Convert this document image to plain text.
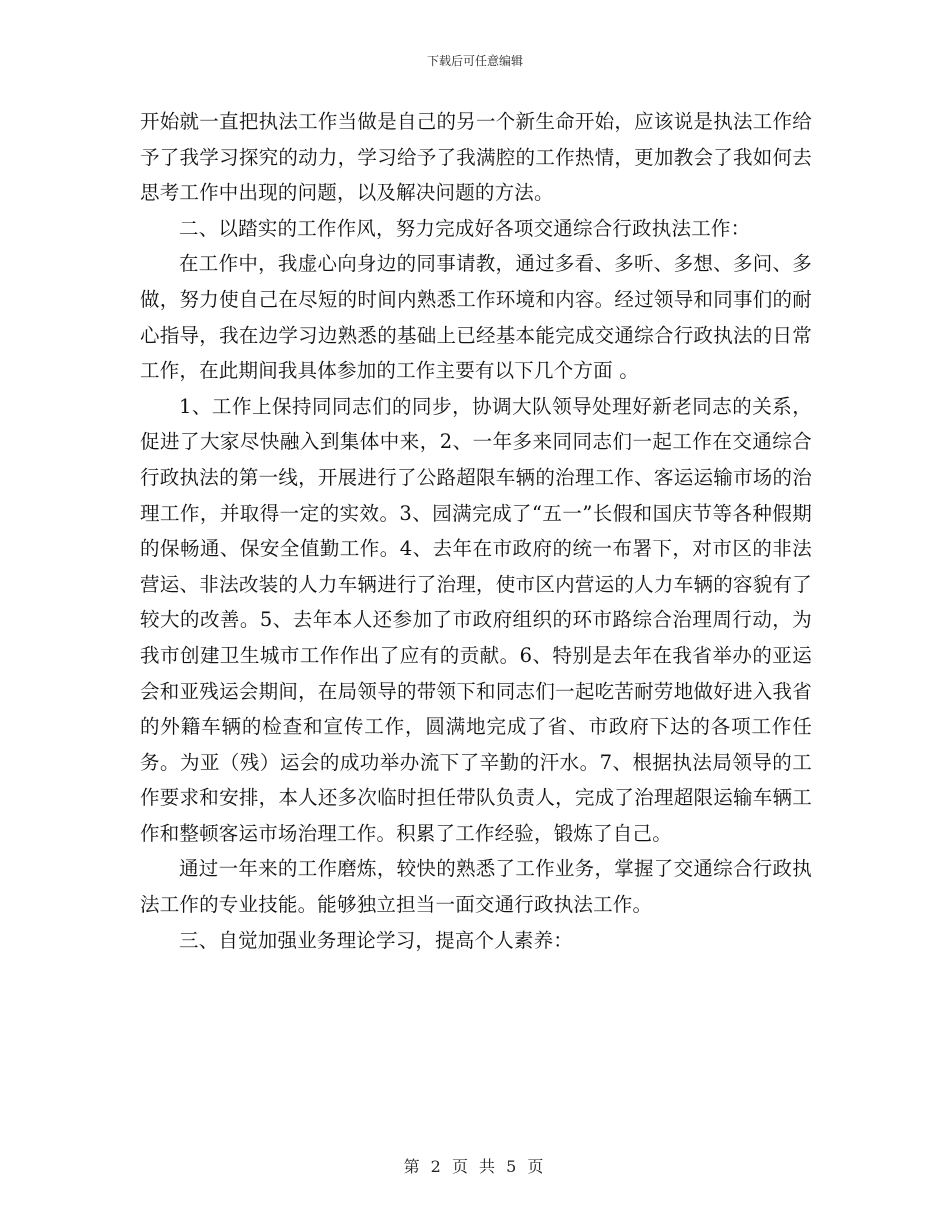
下载后可任意编辑

开始就一直把执法工作当做是自己的另一个新生命开始，应该说是执法工作给予了我学习探究的动力，学习给予了我满腔的工作热情，更加教会了我如何去思考工作中出现的问题，以及解决问题的方法。

二、以踏实的工作作风，努力完成好各项交通综合行政执法工作：

在工作中，我虚心向身边的同事请教，通过多看、多听、多想、多问、多做，努力使自己在尽短的时间内熟悉工作环境和内容。经过领导和同事们的耐心指导，我在边学习边熟悉的基础上已经基本能完成交通综合行政执法的日常工作，在此期间我具体参加的工作主要有以下几个方面 。

1、工作上保持同同志们的同步，协调大队领导处理好新老同志的关系，促进了大家尽快融入到集体中来，2、一年多来同同志们一起工作在交通综合行政执法的第一线，开展进行了公路超限车辆的治理工作、客运运输市场的治理工作，并取得一定的实效。3、园满完成了“五一”长假和国庆节等各种假期的保畅通、保安全值勤工作。4、去年在市政府的统一布署下，对市区的非法营运、非法改装的人力车辆进行了治理，使市区内营运的人力车辆的容貌有了较大的改善。5、去年本人还参加了市政府组织的环市路综合治理周行动，为我市创建卫生城市工作作出了应有的贡献。6、特别是去年在我省举办的亚运会和亚残运会期间，在局领导的带领下和同志们一起吃苦耐劳地做好进入我省的外籍车辆的检查和宣传工作，圆满地完成了省、市政府下达的各项工作任务。为亚（残）运会的成功举办流下了辛勤的汗水。7、根据执法局领导的工作要求和安排，本人还多次临时担任带队负责人，完成了治理超限运输车辆工作和整顿客运市场治理工作。积累了工作经验，锻炼了自己。

通过一年来的工作磨炼，较快的熟悉了工作业务，掌握了交通综合行政执法工作的专业技能。能够独立担当一面交通行政执法工作。

三、自觉加强业务理论学习，提高个人素养：

第 2 页 共 5 页
